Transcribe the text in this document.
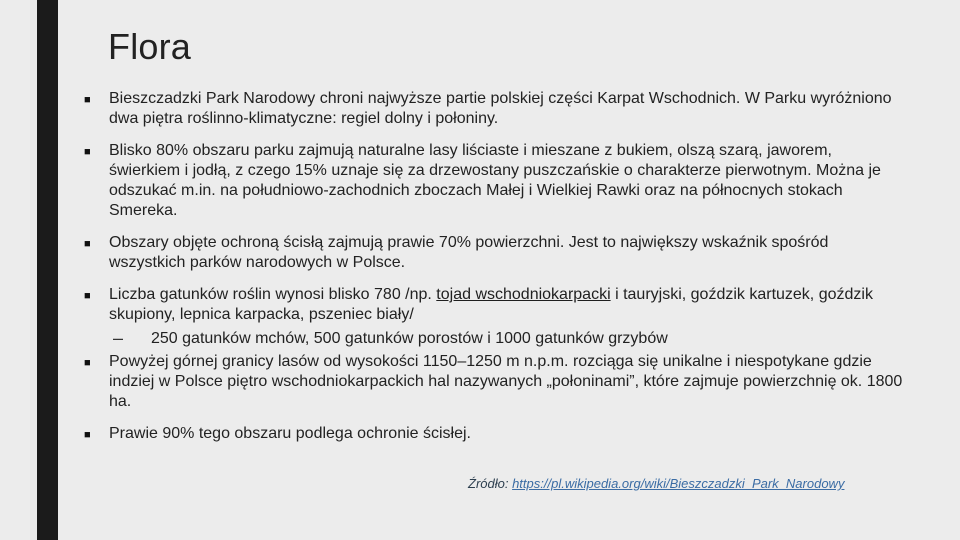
Flora
■ Bieszczadzki Park Narodowy chroni najwyższe partie polskiej części Karpat Wschodnich. W Parku wyróżniono dwa piętra roślinno-klimatyczne: regiel dolny i połoniny.
■ Blisko 80% obszaru parku zajmują naturalne lasy liściaste i mieszane z bukiem, olszą szarą, jaworem, świerkiem i jodłą, z czego 15% uznaje się za drzewostany puszczańskie o charakterze pierwotnym. Można je odszukać m.in. na południowo-zachodnich zboczach Małej i Wielkiej Rawki oraz na północnych stokach Smereka.
■ Obszary objęte ochroną ścisłą zajmują prawie 70% powierzchni. Jest to największy wskaźnik spośród wszystkich parków narodowych w Polsce.
■ Liczba gatunków roślin wynosi blisko 780 /np. tojad wschodniokarpacki i tauryjski, goździk kartuzek, goździk skupiony, lepnica karpacka, pszeniec biały/
– 250 gatunków mchów, 500 gatunków porostów i 1000 gatunków grzybów
■ Powyżej górnej granicy lasów od wysokości 1150–1250 m n.p.m. rozciąga się unikalne i niespotykane gdzie indziej w Polsce piętro wschodniokarpackich hal nazywanych „połoninami”, które zajmuje powierzchnię ok. 1800 ha.
■ Prawie 90% tego obszaru podlega ochronie ścisłej.
Źródło: https://pl.wikipedia.org/wiki/Bieszczadzki_Park_Narodowy
